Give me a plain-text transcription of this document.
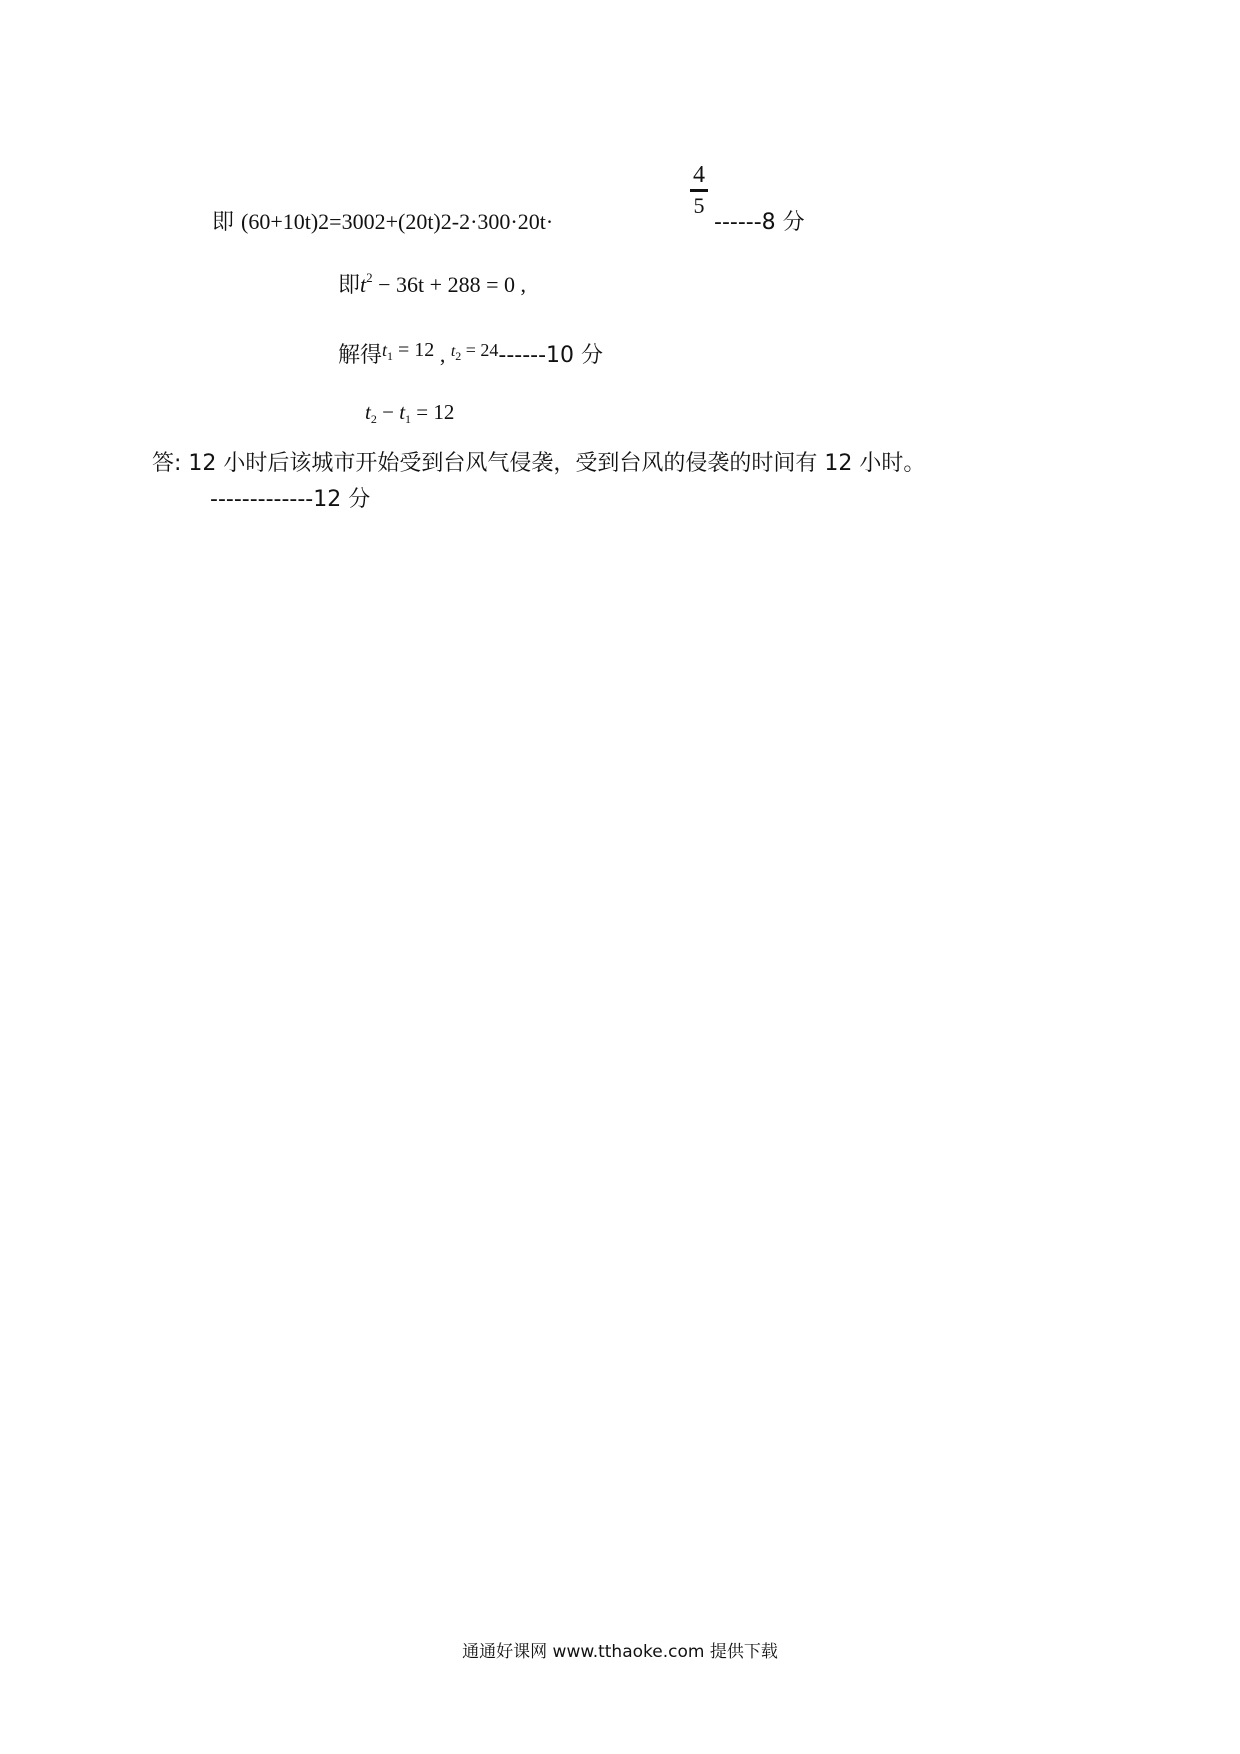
即 (60+10t)2=3002+(20t)2-2·300·20t·
4
5
------8 分
即$t^2 - 36t + 288 = 0$ ,
解得$^t_1$ = 12 , $^t_2$ $^{= 24}$------10 分
$t_2 - t_1 = 12$
答: 12 小时后该城市开始受到台风气侵袭，受到台风的侵袭的时间有 12 小时。
-------------12 分
通通好课网 www.tthaoke.com 提供下载
